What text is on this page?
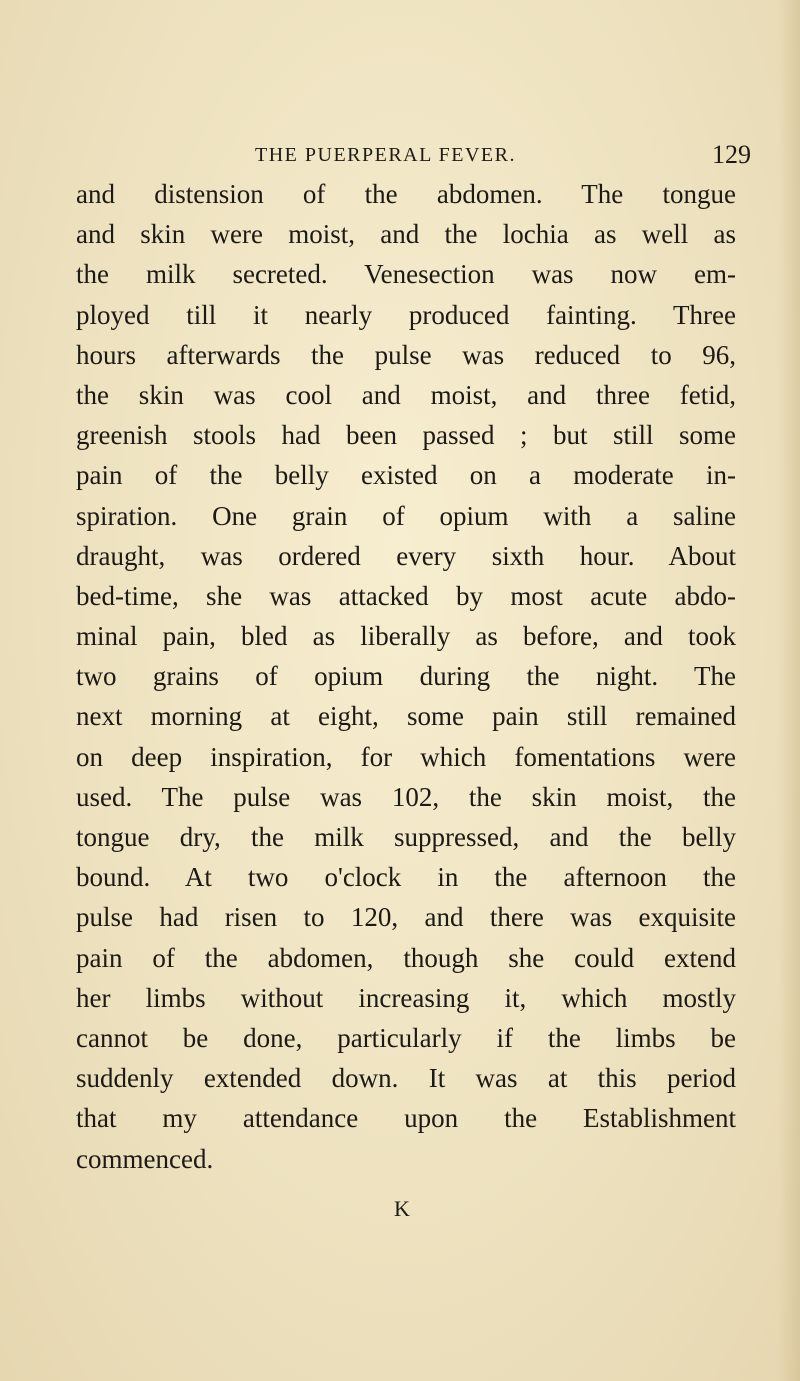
THE PUERPERAL FEVER.	129
and distension of the abdomen. The tongue
and skin were moist, and the lochia as well as
the milk secreted. Venesection was now em-
ployed till it nearly produced fainting. Three
hours afterwards the pulse was reduced to 96,
the skin was cool and moist, and three fetid,
greenish stools had been passed ; but still some
pain of the belly existed on a moderate in-
spiration. One grain of opium with a saline
draught, was ordered every sixth hour. About
bed-time, she was attacked by most acute abdo-
minal pain, bled as liberally as before, and took
two grains of opium during the night. The
next morning at eight, some pain still remained
on deep inspiration, for which fomentations were
used. The pulse was 102, the skin moist, the
tongue dry, the milk suppressed, and the belly
bound. At two o'clock in the afternoon the
pulse had risen to 120, and there was exquisite
pain of the abdomen, though she could extend
her limbs without increasing it, which mostly
cannot be done, particularly if the limbs be
suddenly extended down. It was at this period
that my attendance upon the Establishment
commenced.
K
